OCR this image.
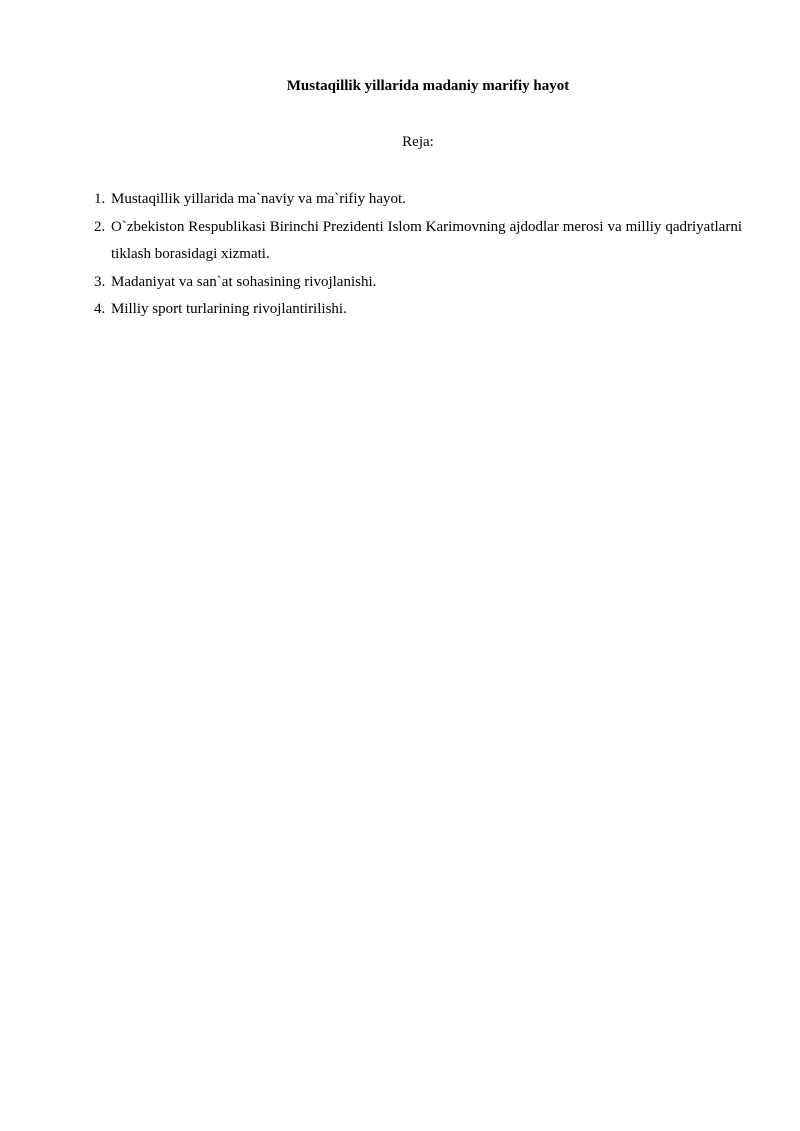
Mustaqillik yillarida madaniy marifiy hayot
Reja:
1. Mustaqillik yillarida ma`naviy va ma`rifiy hayot.
2. O`zbekiston Respublikasi Birinchi Prezidenti Islom Karimovning ajdodlar merosi va milliy qadriyatlarni tiklash borasidagi xizmati.
3. Madaniyat va san`at sohasining rivojlanishi.
4. Milliy sport turlarining rivojlantirilishi.
